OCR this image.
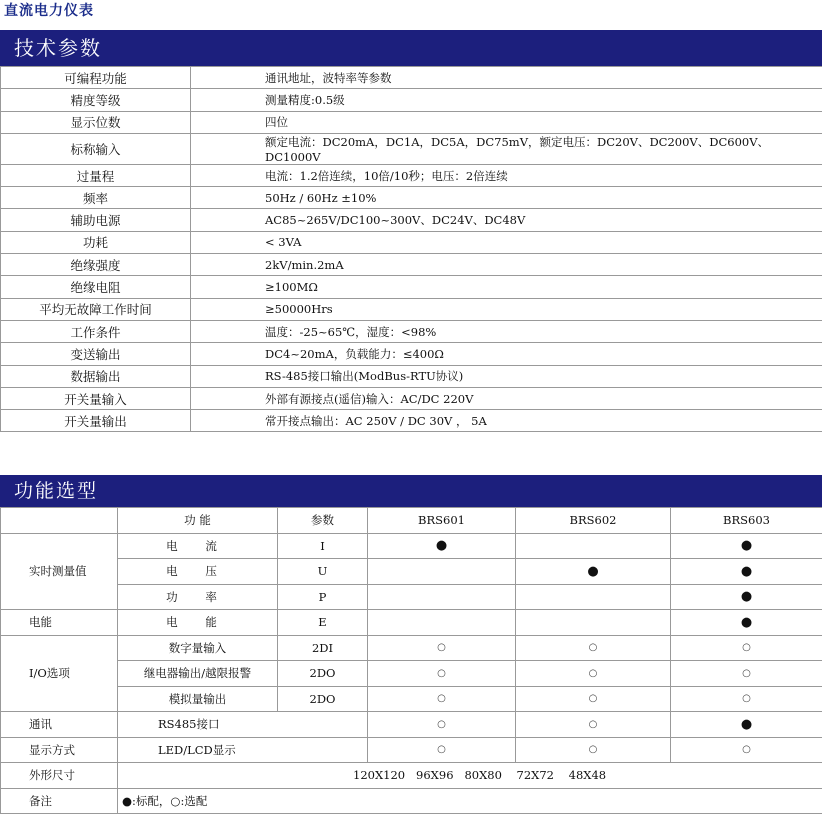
直流电力仪表
技术参数
可编程功能	通讯地址，波特率等参数
精度等级	测量精度:0.5级
显示位数	四位
标称输入	额定电流：DC20mA，DC1A，DC5A，DC75mV，额定电压：DC20V、DC200V、DC600V、DC1000V
过量程	电流：1.2倍连续，10倍/10秒；电压：2倍连续
频率	50Hz / 60Hz ±10%
辅助电源	AC85~265V/DC100~300V、DC24V、DC48V
功耗	< 3VA
绝缘强度	2kV/min.2mA
绝缘电阻	≥100MΩ
平均无故障工作时间	≥50000Hrs
工作条件	温度：-25~65℃，湿度：<98%
变送输出	DC4~20mA，负载能力：≤400Ω
数据输出	RS-485接口输出(ModBus-RTU协议)
开关量输入	外部有源接点(遥信)输入：AC/DC 220V
开关量输出	常开接点输出：AC 250V / DC 30V ， 5A
功能选型
	功 能	参数	BRS601	BRS602	BRS603
实时测量值	电 流	I	●		●
	电 压	U		●	●
	功 率	P			●
电能	电 能	E			●
I/O选项	数字量输入	2DI	○	○	○
	继电器输出/越限报警	2DO	○	○	○
	模拟量输出	2DO	○	○	○
通讯	RS485接口		○	○	●
显示方式	LED/LCD显示		○	○	○
外形尺寸	120X120   96X96   80X80    72X72    48X48				
备注	●:标配，○:选配				
